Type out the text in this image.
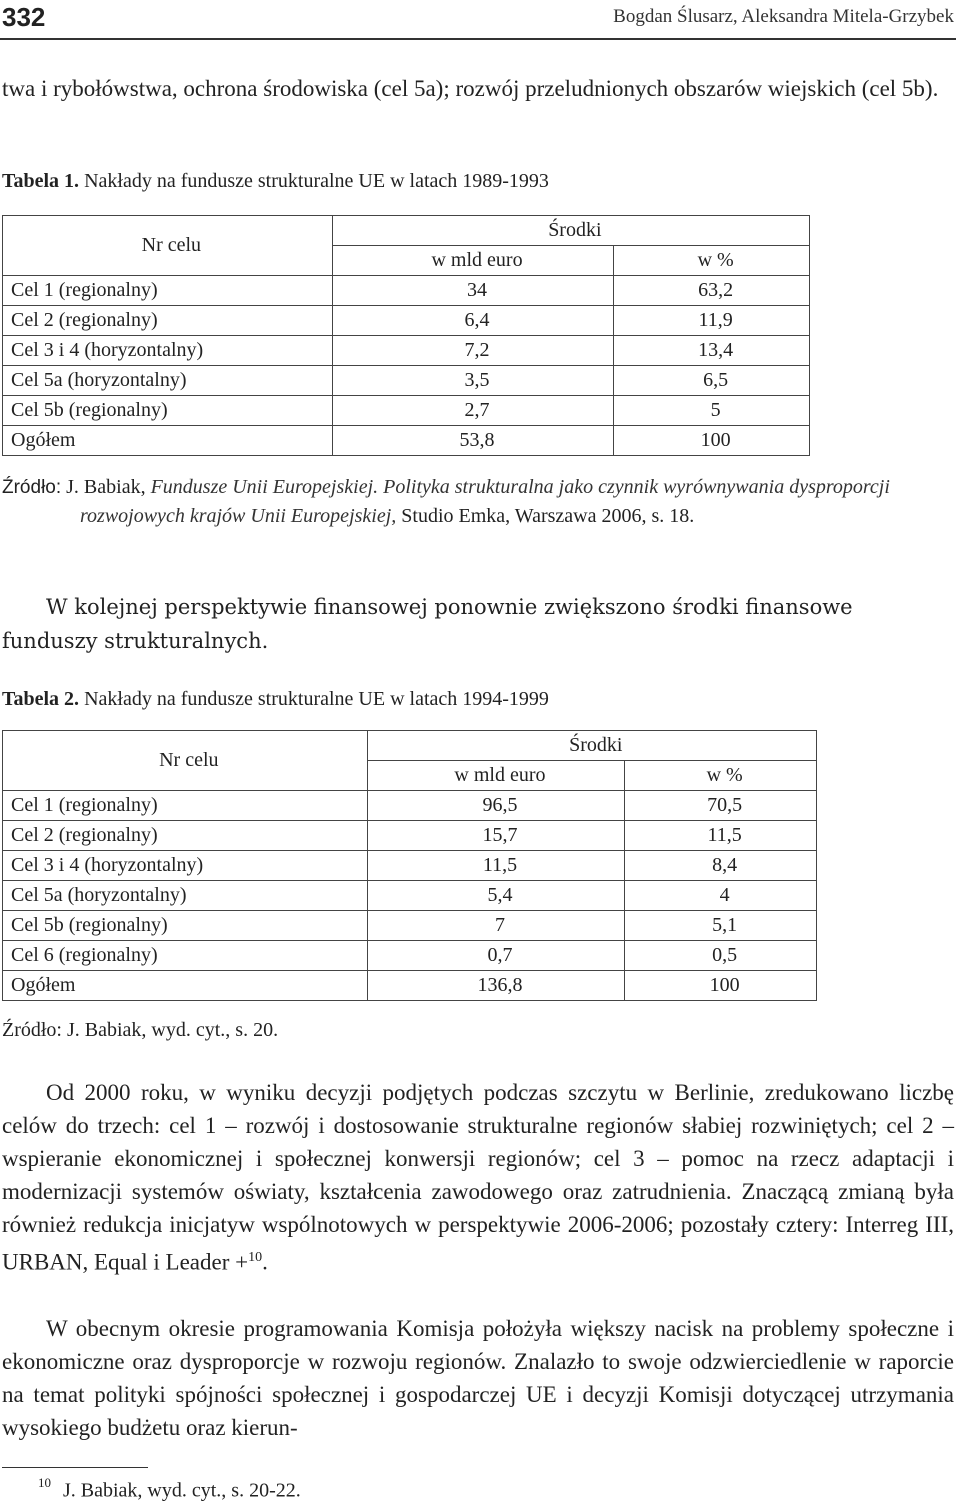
332	Bogdan Ślusarz, Aleksandra Mitela-Grzybek

twa i rybołówstwa, ochrona środowiska (cel 5a); rozwój przeludnionych obszarów wiejskich (cel 5b).

Tabela 1. Nakłady na fundusze strukturalne UE w latach 1989-1993

Nr celu	Środki	
	w mld euro	w %
Cel 1 (regionalny)	34	63,2
Cel 2 (regionalny)	6,4	11,9
Cel 3 i 4 (horyzontalny)	7,2	13,4
Cel 5a (horyzontalny)	3,5	6,5
Cel 5b (regionalny)	2,7	5
Ogółem	53,8	100

Źródło: J. Babiak, Fundusze Unii Europejskiej. Polityka strukturalna jako czynnik wyrównywania dysproporcji rozwojowych krajów Unii Europejskiej, Studio Emka, Warszawa 2006, s. 18.

W kolejnej perspektywie finansowej ponownie zwiększono środki finansowe funduszy strukturalnych.

Tabela 2. Nakłady na fundusze strukturalne UE w latach 1994-1999

Nr celu	Środki	
	w mld euro	w %
Cel 1 (regionalny)	96,5	70,5
Cel 2 (regionalny)	15,7	11,5
Cel 3 i 4 (horyzontalny)	11,5	8,4
Cel 5a (horyzontalny)	5,4	4
Cel 5b (regionalny)	7	5,1
Cel 6 (regionalny)	0,7	0,5
Ogółem	136,8	100

Źródło: J. Babiak, wyd. cyt., s. 20.

Od 2000 roku, w wyniku decyzji podjętych podczas szczytu w Berlinie, zredukowano liczbę celów do trzech: cel 1 – rozwój i dostosowanie strukturalne regionów słabiej rozwiniętych; cel 2 – wspieranie ekonomicznej i społecznej konwersji regionów; cel 3 – pomoc na rzecz adaptacji i modernizacji systemów oświaty, kształcenia zawodowego oraz zatrudnienia. Znaczącą zmianą była również redukcja inicjatyw wspólnotowych w perspektywie 2006-2006; pozostały cztery: Interreg III, URBAN, Equal i Leader +$^{10}$.

W obecnym okresie programowania Komisja położyła większy nacisk na problemy społeczne i ekonomiczne oraz dysproporcje w rozwoju regionów. Znalazło to swoje odzwierciedlenie w raporcie na temat polityki spójności społecznej i gospodarczej UE i decyzji Komisji dotyczącej utrzymania wysokiego budżetu oraz kierun-

$^{10}$ J. Babiak, wyd. cyt., s. 20-22.
